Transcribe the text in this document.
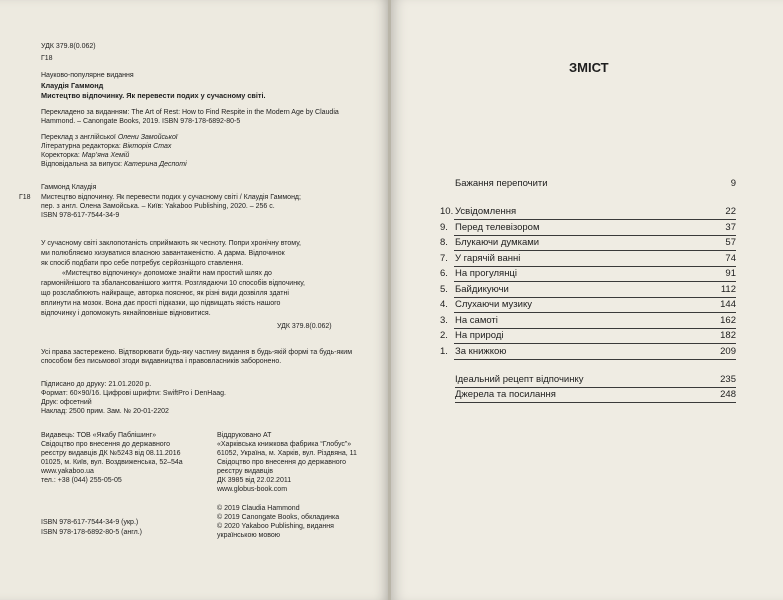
УДК 379.8(0.062)
Г18
Науково-популярне видання
Клаудія Гаммонд
Мистецтво відпочинку. Як перевести подих у сучасному світі.
Перекладено за виданням: The Art of Rest: How to Find Respite in the Modern Age by Claudia
Hammond. – Canongate Books, 2019. ISBN 978-178-6892-80-5
Переклад з англійської Олени Замойської
Літературна редакторка: Вікторія Стах
Коректорка: Мар’яна Хемій
Відповідальна за випуск: Катерина Деспоті
Г18
Гаммонд Клаудія
Мистецтво відпочинку. Як перевести подих у сучасному світі / Клаудія Гаммонд;
пер. з англ. Олена Замойська. – Київ: Yakaboo Publishing, 2020. – 256 с.
ISBN 978-617-7544-34-9
У сучасному світі заклопотаність сприймають як чесноту. Попри хронічну втому,
ми полюбляємо хизуватися власною завантаженістю. А дарма. Відпочинок
як спосіб подбати про себе потребує серйозніщого ставлення.
«Мистецтво відпочинку» допоможе знайти нам простий шлях до
гармонійнішого та збалансованішого життя. Розглядаючи 10 способів відпочинку,
що розслаблюють найкраще, авторка пояснює, як різні види дозвілля здатні
вплинути на мозок. Вона дає прості підказки, що підвищать якість нашого
відпочинку і допоможуть якнайповніше відновитися.
УДК 379.8(0.062)
Усі права застережено. Відтворювати будь-яку частину видання в будь-якій формі та будь-яким
способом без письмової згоди видавництва і правовласників заборонено.
Підписано до друку: 21.01.2020 р.
Формат: 60×90/16. Цифрові шрифти: SwiftPro і DenHaag.
Друк: офсетний
Наклад: 2500 прим. Зам. № 20-01-2202
Видавець: ТОВ «Якабу Паблішинг»
Свідоцтво про внесення до державного
реєстру видавців ДК №5243 від 08.11.2016
01025, м. Київ, вул. Воздвиженська, 52–54а
www.yakaboo.ua
тел.: +38 (044) 255-05-05
Віддруковано АТ
«Харківська книжкова фабрика “Глобус”»
61052, Україна, м. Харків, вул. Різдвяна, 11
Свідоцтво про внесення до державного
реєстру видавців
ДК 3985 від 22.02.2011
www.globus-book.com
ISBN 978-617-7544-34-9 (укр.)
ISBN 978-178-6892-80-5 (англ.)
© 2019 Claudia Hammond
© 2019 Canongate Books, обкладинка
© 2020 Yakaboo Publishing, видання
українською мовою
ЗМІСТ
Бажання перепочити	9
10. Усвідомлення	22
9. Перед телевізором	37
8. Блукаючи думками	57
7. У гарячій ванні	74
6. На прогулянці	91
5. Байдикуючи	112
4. Слухаючи музику	144
3. На самоті	162
2. На природі	182
1. За книжкою	209
Ідеальний рецепт відпочинку	235
Джерела та посилання	248
